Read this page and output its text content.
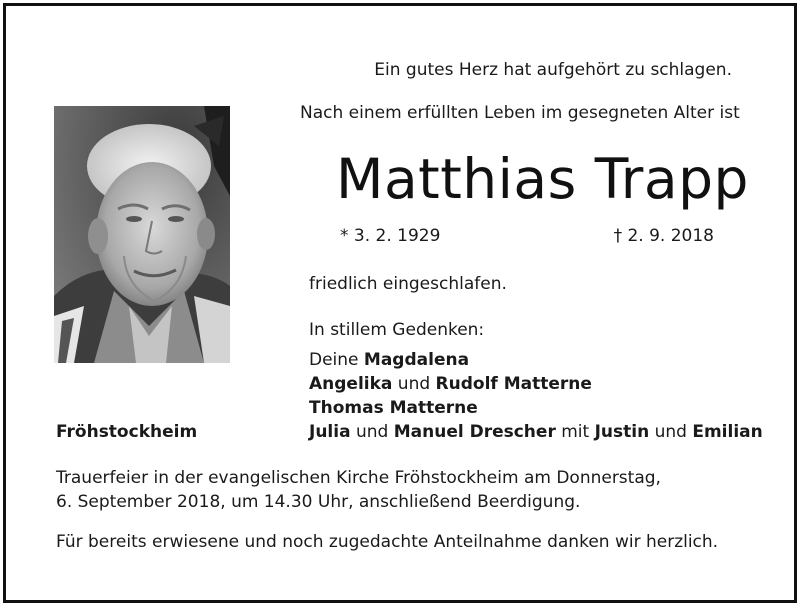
Ein gutes Herz hat aufgehört zu schlagen.
Nach einem erfüllten Leben im gesegneten Alter ist
Matthias Trapp
* 3. 2. 1929	† 2. 9. 2018
friedlich eingeschlafen.
In stillem Gedenken:
Deine Magdalena
Angelika und Rudolf Matterne
Thomas Matterne
Julia und Manuel Drescher mit Justin und Emilian
Fröhstockheim
Trauerfeier in der evangelischen Kirche Fröhstockheim am Donnerstag,
6. September 2018, um 14.30 Uhr, anschließend Beerdigung.
Für bereits erwiesene und noch zugedachte Anteilnahme danken wir herzlich.
